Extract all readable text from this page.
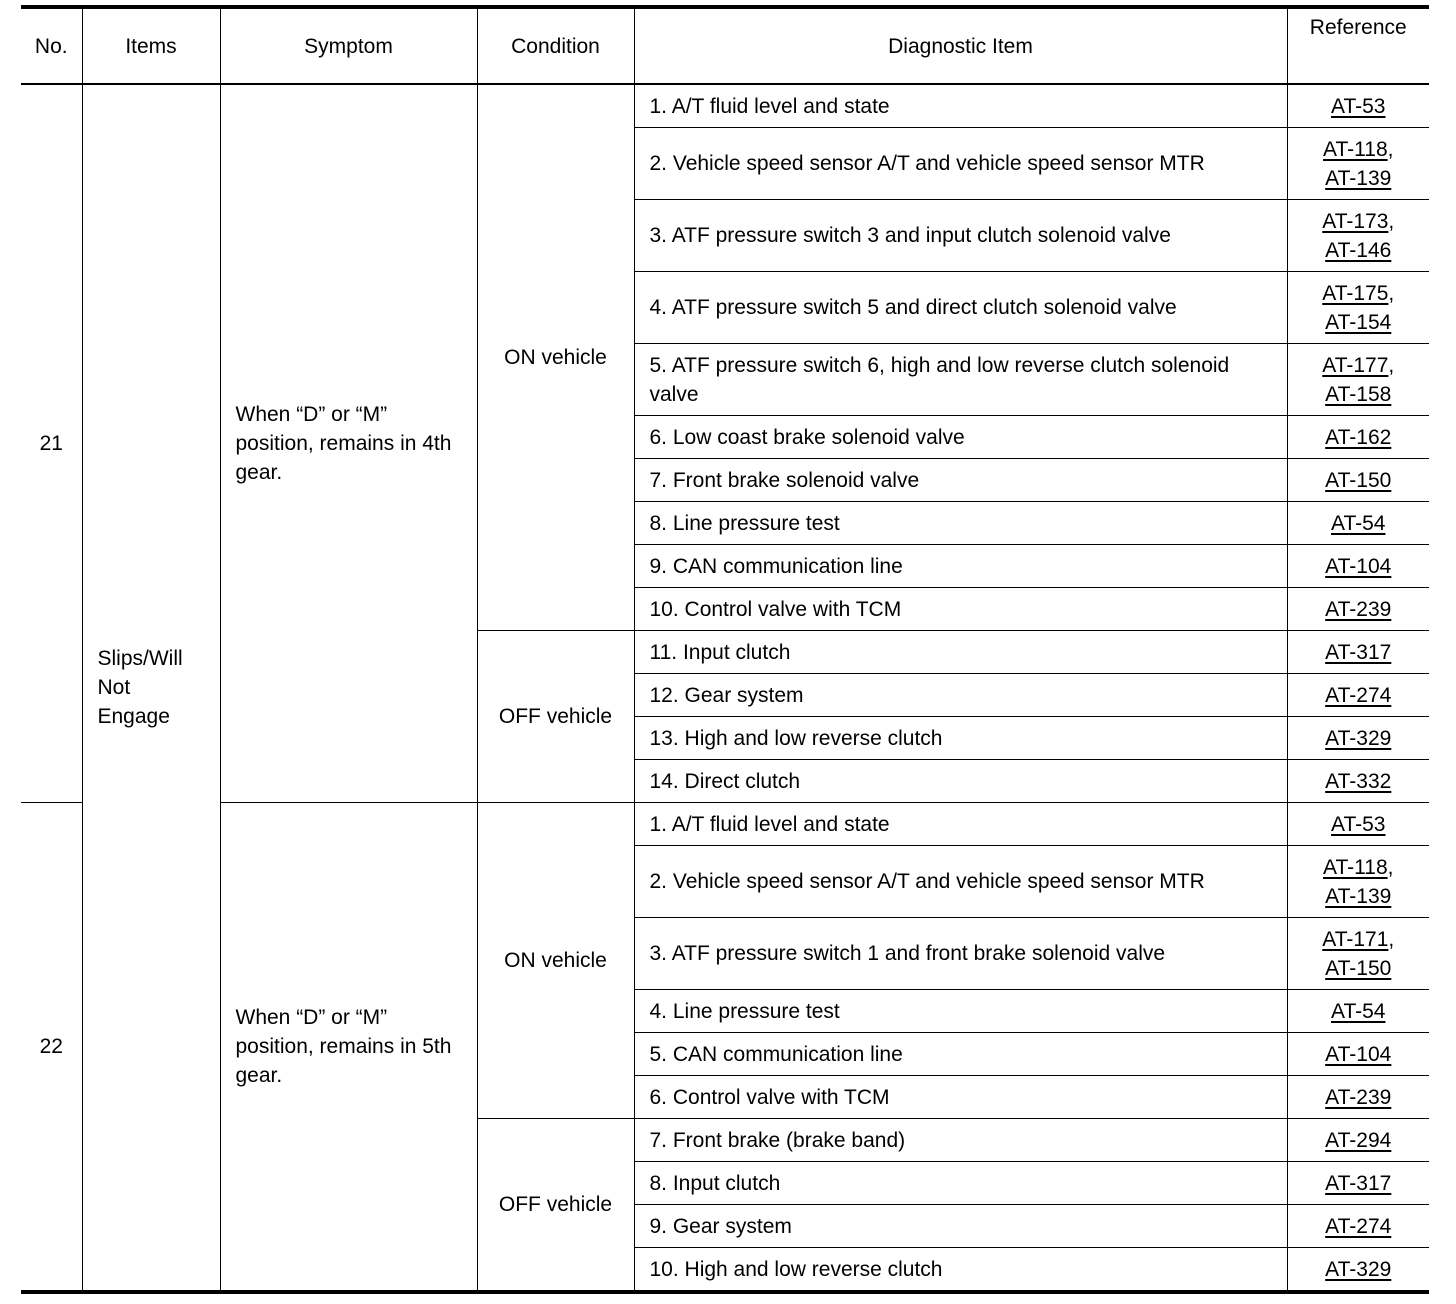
No.	Items	Symptom	Condition	Diagnostic Item	Reference
21	Slips/Will Not Engage	When “D” or “M” position, remains in 4th gear.	ON vehicle	1. A/T fluid level and state	AT-53
				2. Vehicle speed sensor A/T and vehicle speed sensor MTR	AT-118,
AT-139
				3. ATF pressure switch 3 and input clutch solenoid valve	AT-173,
AT-146
				4. ATF pressure switch 5 and direct clutch solenoid valve	AT-175,
AT-154
				5. ATF pressure switch 6, high and low reverse clutch solenoid valve	AT-177,
AT-158
				6. Low coast brake solenoid valve	AT-162
				7. Front brake solenoid valve	AT-150
				8. Line pressure test	AT-54
				9. CAN communication line	AT-104
				10. Control valve with TCM	AT-239
			OFF vehicle	11. Input clutch	AT-317
				12. Gear system	AT-274
				13. High and low reverse clutch	AT-329
				14. Direct clutch	AT-332
22		When “D” or “M” position, remains in 5th gear.	ON vehicle	1. A/T fluid level and state	AT-53
				2. Vehicle speed sensor A/T and vehicle speed sensor MTR	AT-118,
AT-139
				3. ATF pressure switch 1 and front brake solenoid valve	AT-171,
AT-150
				4. Line pressure test	AT-54
				5. CAN communication line	AT-104
				6. Control valve with TCM	AT-239
			OFF vehicle	7. Front brake (brake band)	AT-294
				8. Input clutch	AT-317
				9. Gear system	AT-274
				10. High and low reverse clutch	AT-329
